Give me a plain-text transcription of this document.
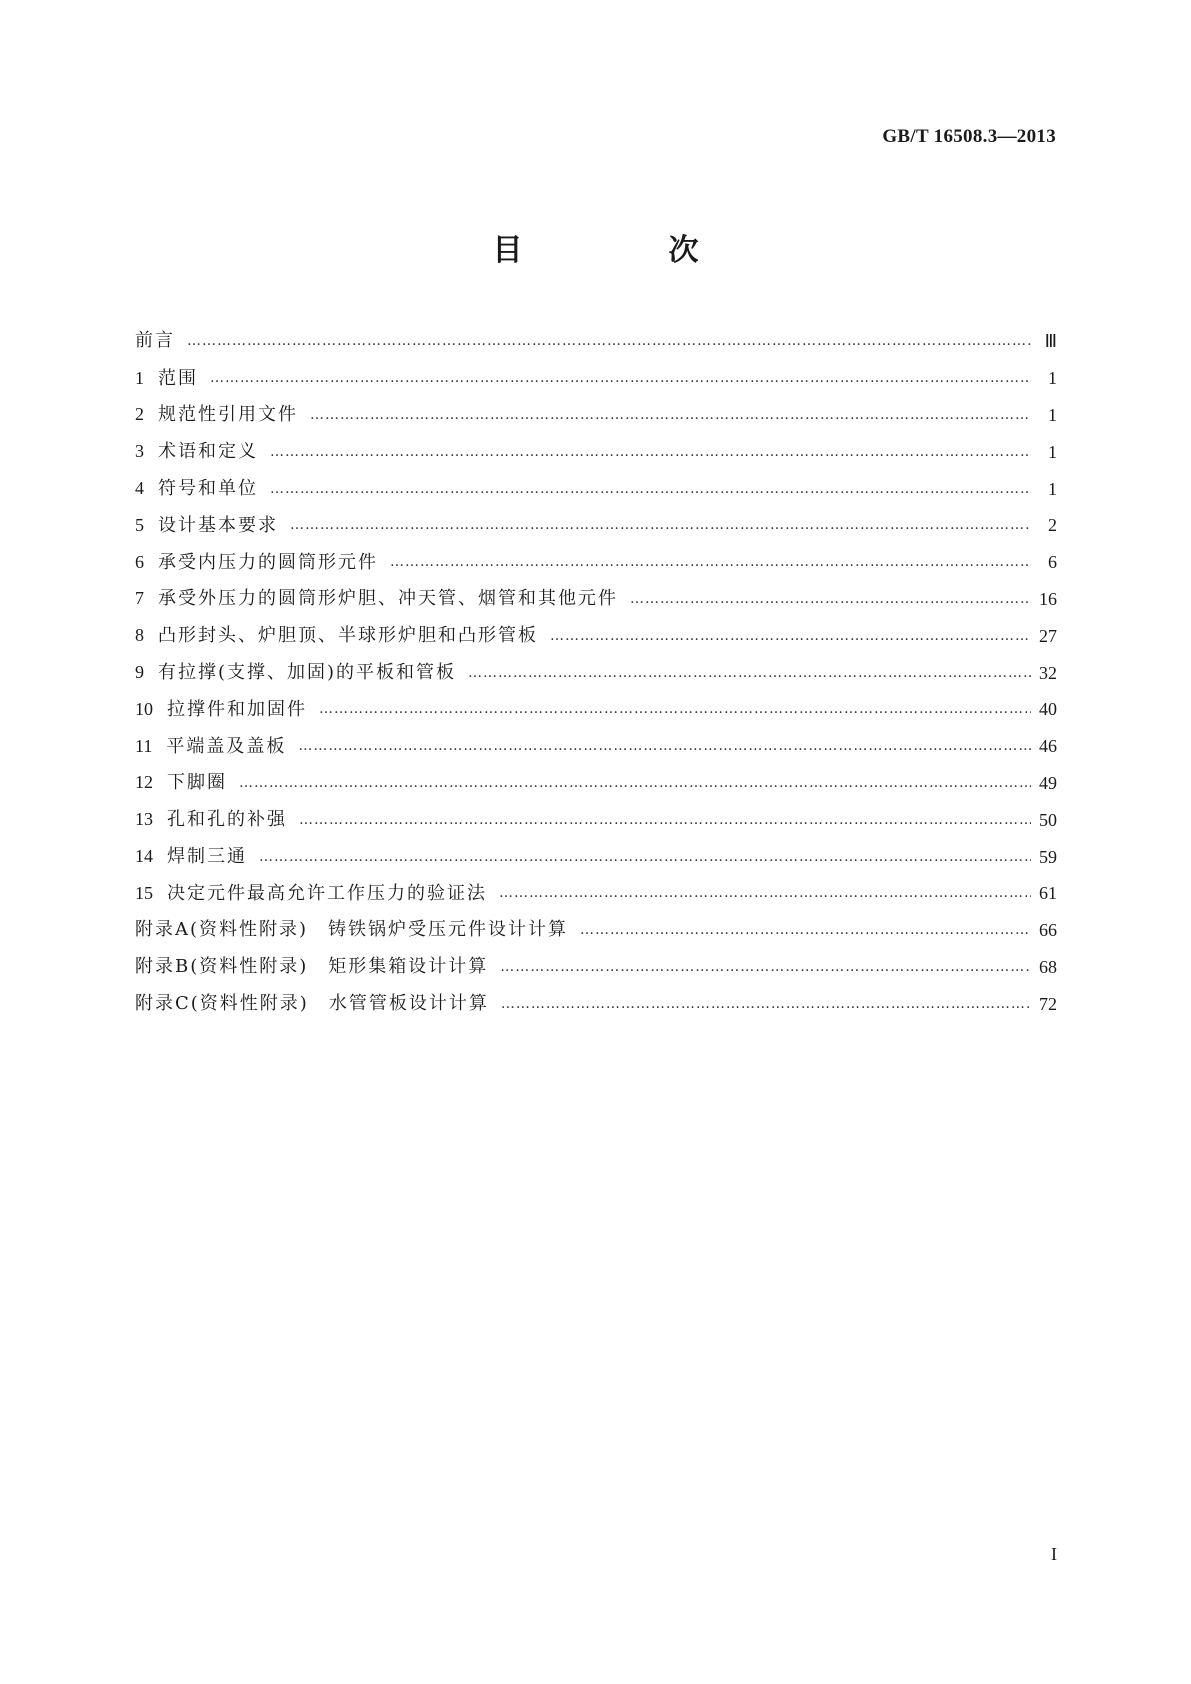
GB/T 16508.3—2013
目　次
前言 ……………………………………………………………………………………………………………………………………………………………………………………………………………………………	Ⅲ
1 范围 ……………………………………………………………………………………………………………………………………………………………………………………………………………………………	1
2 规范性引用文件 ……………………………………………………………………………………………………………………………………………………………………………………………………………………………	1
3 术语和定义 ……………………………………………………………………………………………………………………………………………………………………………………………………………………………	1
4 符号和单位 ……………………………………………………………………………………………………………………………………………………………………………………………………………………………	1
5 设计基本要求 ……………………………………………………………………………………………………………………………………………………………………………………………………………………………	2
6 承受内压力的圆筒形元件 ……………………………………………………………………………………………………………………………………………………………………………………………………………………………	6
7 承受外压力的圆筒形炉胆、冲天管、烟管和其他元件 ……………………………………………………………………………………………………………………………………………………………………………………………………………………………	16
8 凸形封头、炉胆顶、半球形炉胆和凸形管板 ……………………………………………………………………………………………………………………………………………………………………………………………………………………………	27
9 有拉撑(支撑、加固)的平板和管板 ……………………………………………………………………………………………………………………………………………………………………………………………………………………………	32
10 拉撑件和加固件 ……………………………………………………………………………………………………………………………………………………………………………………………………………………………	40
11 平端盖及盖板 ……………………………………………………………………………………………………………………………………………………………………………………………………………………………	46
12 下脚圈 ……………………………………………………………………………………………………………………………………………………………………………………………………………………………	49
13 孔和孔的补强 ……………………………………………………………………………………………………………………………………………………………………………………………………………………………	50
14 焊制三通 ……………………………………………………………………………………………………………………………………………………………………………………………………………………………	59
15 决定元件最高允许工作压力的验证法 ……………………………………………………………………………………………………………………………………………………………………………………………………………………………	61
附录A(资料性附录)　铸铁锅炉受压元件设计计算 ……………………………………………………………………………………………………………………………………………………………………………………………………………………………	66
附录B(资料性附录)　矩形集箱设计计算 ……………………………………………………………………………………………………………………………………………………………………………………………………………………………	68
附录C(资料性附录)　水管管板设计计算 ……………………………………………………………………………………………………………………………………………………………………………………………………………………………	72
I
